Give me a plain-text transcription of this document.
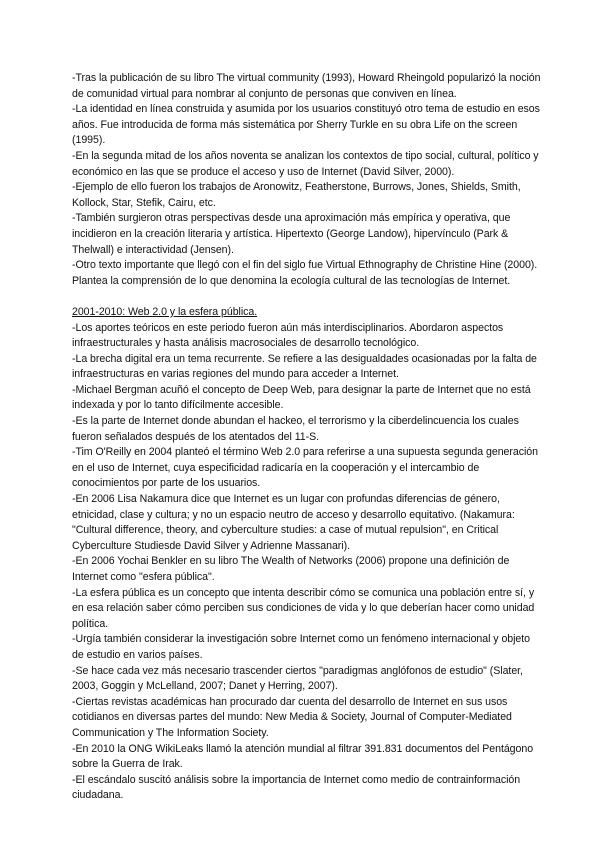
-Tras la publicación de su libro The virtual community (1993), Howard Rheingold popularizó la noción de comunidad virtual para nombrar al conjunto de personas que conviven en línea.

-La identidad en línea construida y asumida por los usuarios constituyó otro tema de estudio en esos años. Fue introducida de forma más sistemática por Sherry Turkle en su obra Life on the screen (1995).

-En la segunda mitad de los años noventa se analizan los contextos de tipo social, cultural, político y económico en las que se produce el acceso y uso de Internet (David Silver, 2000).

-Ejemplo de ello fueron los trabajos de Aronowitz, Featherstone, Burrows, Jones, Shields, Smith, Kollock, Star, Stefik, Cairu, etc.

-También surgieron otras perspectivas desde una aproximación más empírica y operativa, que incidieron en la creación literaria y artística. Hipertexto (George Landow), hipervínculo (Park & Thelwall) e interactividad (Jensen).

-Otro texto importante que llegó con el fin del siglo fue Virtual Ethnography de Christine Hine (2000). Plantea la comprensión de lo que denomina la ecología cultural de las tecnologías de Internet.

2001-2010: Web 2.0 y la esfera pública.

-Los aportes teóricos en este periodo fueron aún más interdisciplinarios. Abordaron aspectos infraestructurales y hasta análisis macrosociales de desarrollo tecnológico.

-La brecha digital era un tema recurrente. Se refiere a las desigualdades ocasionadas por la falta de infraestructuras en varias regiones del mundo para acceder a Internet.

-Michael Bergman acuñó el concepto de Deep Web, para designar la parte de Internet que no está indexada y por lo tanto difícilmente accesible.

-Es la parte de Internet donde abundan el hackeo, el terrorismo y la ciberdelincuencia los cuales fueron señalados después de los atentados del 11-S.

-Tim O'Reilly en 2004 planteó el término Web 2.0 para referirse a una supuesta segunda generación en el uso de Internet, cuya especificidad radicaría en la cooperación y el intercambio de conocimientos por parte de los usuarios.

-En 2006 Lisa Nakamura dice que Internet es un lugar con profundas diferencias de género, etnicidad, clase y cultura; y no un espacio neutro de acceso y desarrollo equitativo. (Nakamura: "Cultural difference, theory, and cyberculture studies: a case of mutual repulsion", en Critical Cyberculture Studiesde David Silver y Adrienne Massanari).

-En 2006 Yochai Benkler en su libro The Wealth of Networks (2006) propone una definición de Internet como "esfera pública".

-La esfera pública es un concepto que intenta describir cómo se comunica una población entre sí, y en esa relación saber cómo perciben sus condiciones de vida y lo que deberían hacer como unidad política.

-Urgía también considerar la investigación sobre Internet como un fenómeno internacional y objeto de estudio en varios países.

-Se hace cada vez más necesario trascender ciertos "paradigmas anglófonos de estudio" (Slater, 2003, Goggin y McLelland, 2007; Danet y Herring, 2007).

-Ciertas revistas académicas han procurado dar cuenta del desarrollo de Internet en sus usos cotidianos en diversas partes del mundo: New Media & Society, Journal of Computer-Mediated Communication y The Information Society.

-En 2010 la ONG WikiLeaks llamó la atención mundial al filtrar 391.831 documentos del Pentágono sobre la Guerra de Irak.

-El escándalo suscitó análisis sobre la importancia de Internet como medio de contrainformación ciudadana.
